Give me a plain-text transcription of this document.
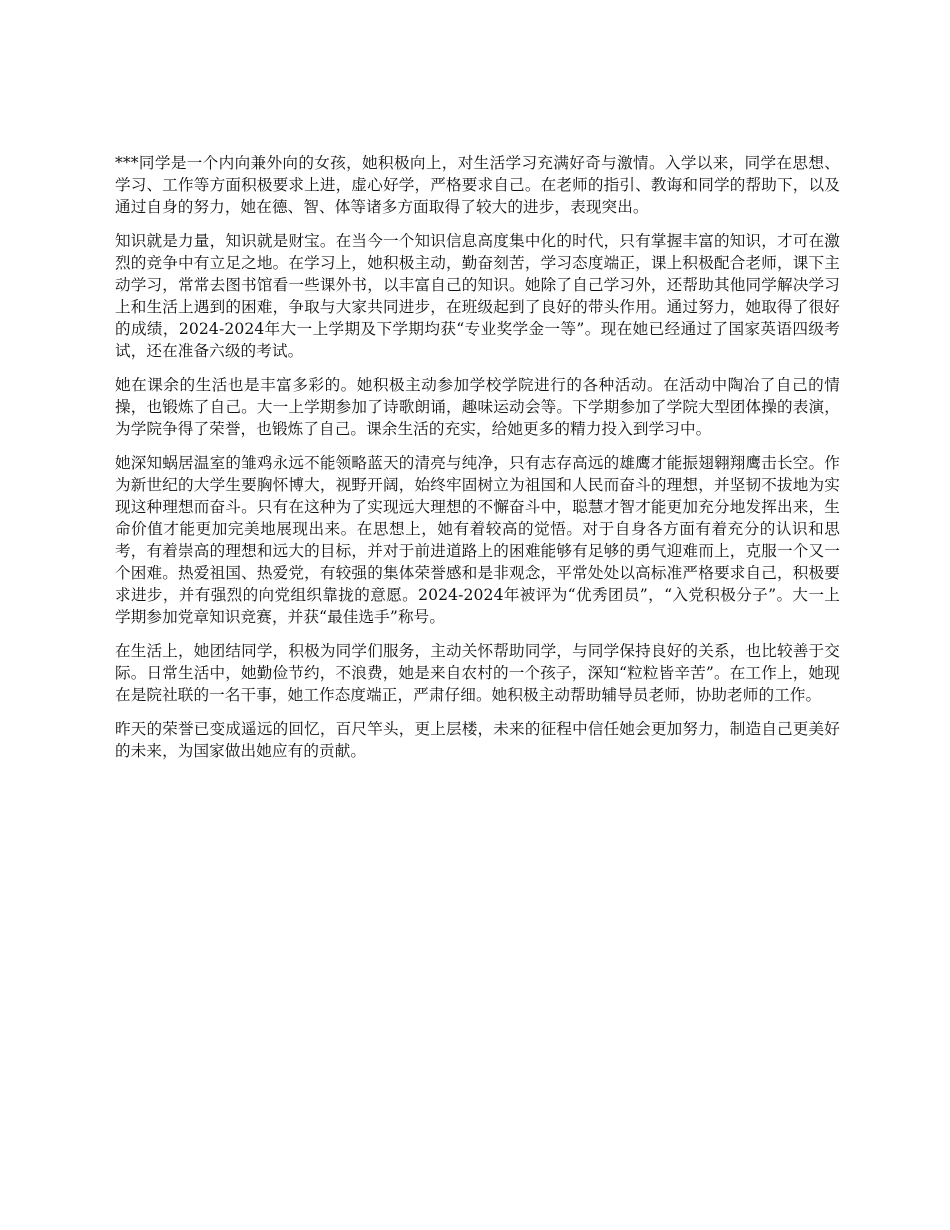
***同学是一个内向兼外向的女孩，她积极向上，对生活学习充满好奇与激情。入学以来，同学在思想、学习、工作等方面积极要求上进，虚心好学，严格要求自己。在老师的指引、教诲和同学的帮助下，以及通过自身的努力，她在德、智、体等诸多方面取得了较大的进步，表现突出。

知识就是力量，知识就是财宝。在当今一个知识信息高度集中化的时代，只有掌握丰富的知识，才可在激烈的竞争中有立足之地。在学习上，她积极主动，勤奋刻苦，学习态度端正，课上积极配合老师，课下主动学习，常常去图书馆看一些课外书，以丰富自己的知识。她除了自己学习外，还帮助其他同学解决学习上和生活上遇到的困难，争取与大家共同进步，在班级起到了良好的带头作用。通过努力，她取得了很好的成绩，2024-2024年大一上学期及下学期均获“专业奖学金一等”。现在她已经通过了国家英语四级考试，还在准备六级的考试。

她在课余的生活也是丰富多彩的。她积极主动参加学校学院进行的各种活动。在活动中陶冶了自己的情操，也锻炼了自己。大一上学期参加了诗歌朗诵，趣味运动会等。下学期参加了学院大型团体操的表演，为学院争得了荣誉，也锻炼了自己。课余生活的充实，给她更多的精力投入到学习中。

她深知蜗居温室的雏鸡永远不能领略蓝天的清亮与纯净，只有志存高远的雄鹰才能振翅翱翔鹰击长空。作为新世纪的大学生要胸怀博大，视野开阔，始终牢固树立为祖国和人民而奋斗的理想，并坚韧不拔地为实现这种理想而奋斗。只有在这种为了实现远大理想的不懈奋斗中，聪慧才智才能更加充分地发挥出来，生命价值才能更加完美地展现出来。在思想上，她有着较高的觉悟。对于自身各方面有着充分的认识和思考，有着崇高的理想和远大的目标，并对于前进道路上的困难能够有足够的勇气迎难而上，克服一个又一个困难。热爱祖国、热爱党，有较强的集体荣誉感和是非观念，平常处处以高标准严格要求自己，积极要求进步，并有强烈的向党组织靠拢的意愿。2024-2024年被评为“优秀团员”，“入党积极分子”。大一上学期参加党章知识竞赛，并获“最佳选手”称号。

在生活上，她团结同学，积极为同学们服务，主动关怀帮助同学，与同学保持良好的关系，也比较善于交际。日常生活中，她勤俭节约，不浪费，她是来自农村的一个孩子，深知“粒粒皆辛苦”。在工作上，她现在是院社联的一名干事，她工作态度端正，严肃仔细。她积极主动帮助辅导员老师，协助老师的工作。

昨天的荣誉已变成遥远的回忆，百尺竿头，更上层楼，未来的征程中信任她会更加努力，制造自己更美好的未来，为国家做出她应有的贡献。
